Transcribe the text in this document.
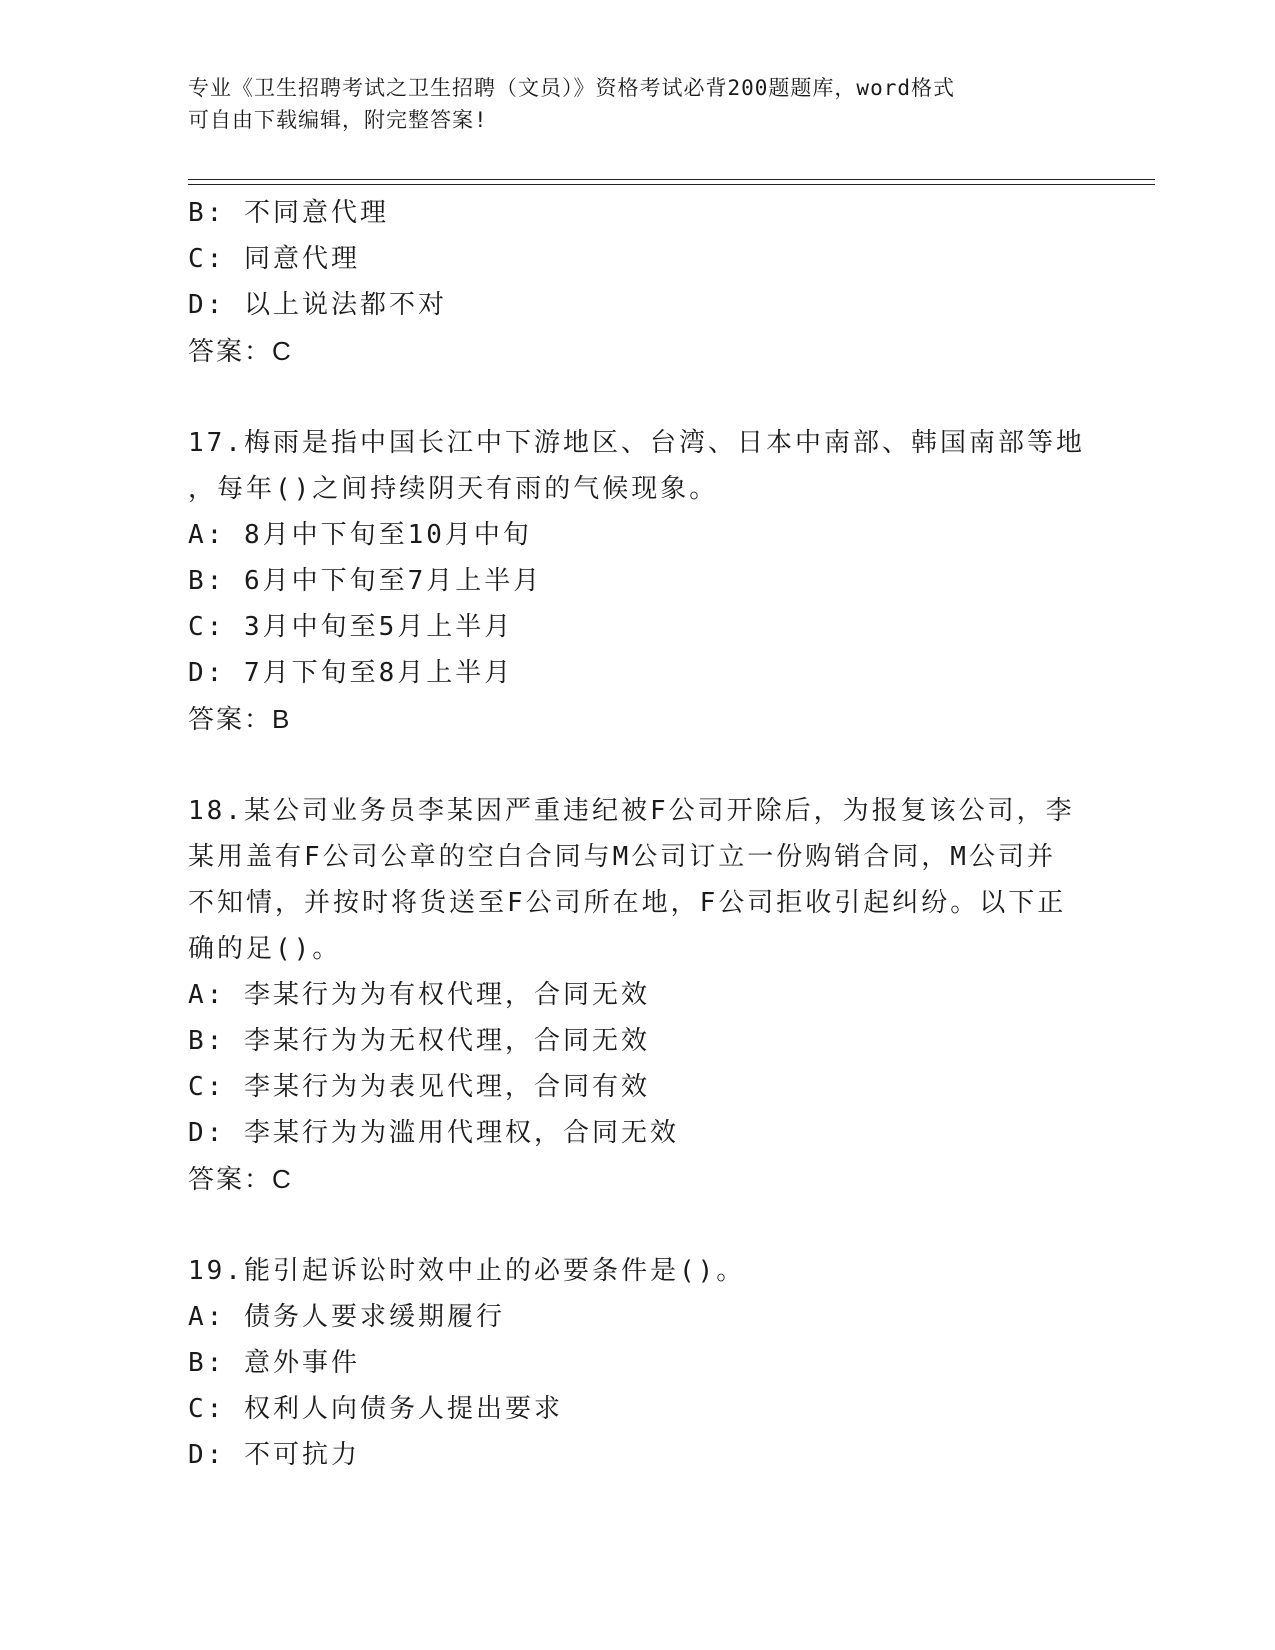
专业《卫生招聘考试之卫生招聘（文员）》资格考试必背200题题库，word格式
可自由下载编辑，附完整答案!
B: 不同意代理
C: 同意代理
D: 以上说法都不对
答案：C
17.梅雨是指中国长江中下游地区、台湾、日本中南部、韩国南部等地
，每年()之间持续阴天有雨的气候现象。
A: 8月中下旬至10月中旬
B: 6月中下旬至7月上半月
C: 3月中旬至5月上半月
D: 7月下旬至8月上半月
答案：B
18.某公司业务员李某因严重违纪被F公司开除后，为报复该公司，李
某用盖有F公司公章的空白合同与M公司订立一份购销合同，M公司并
不知情，并按时将货送至F公司所在地，F公司拒收引起纠纷。以下正
确的足()。
A: 李某行为为有权代理，合同无效
B: 李某行为为无权代理，合同无效
C: 李某行为为表见代理，合同有效
D: 李某行为为滥用代理权，合同无效
答案：C
19.能引起诉讼时效中止的必要条件是()。
A: 债务人要求缓期履行
B: 意外事件
C: 权利人向债务人提出要求
D: 不可抗力
